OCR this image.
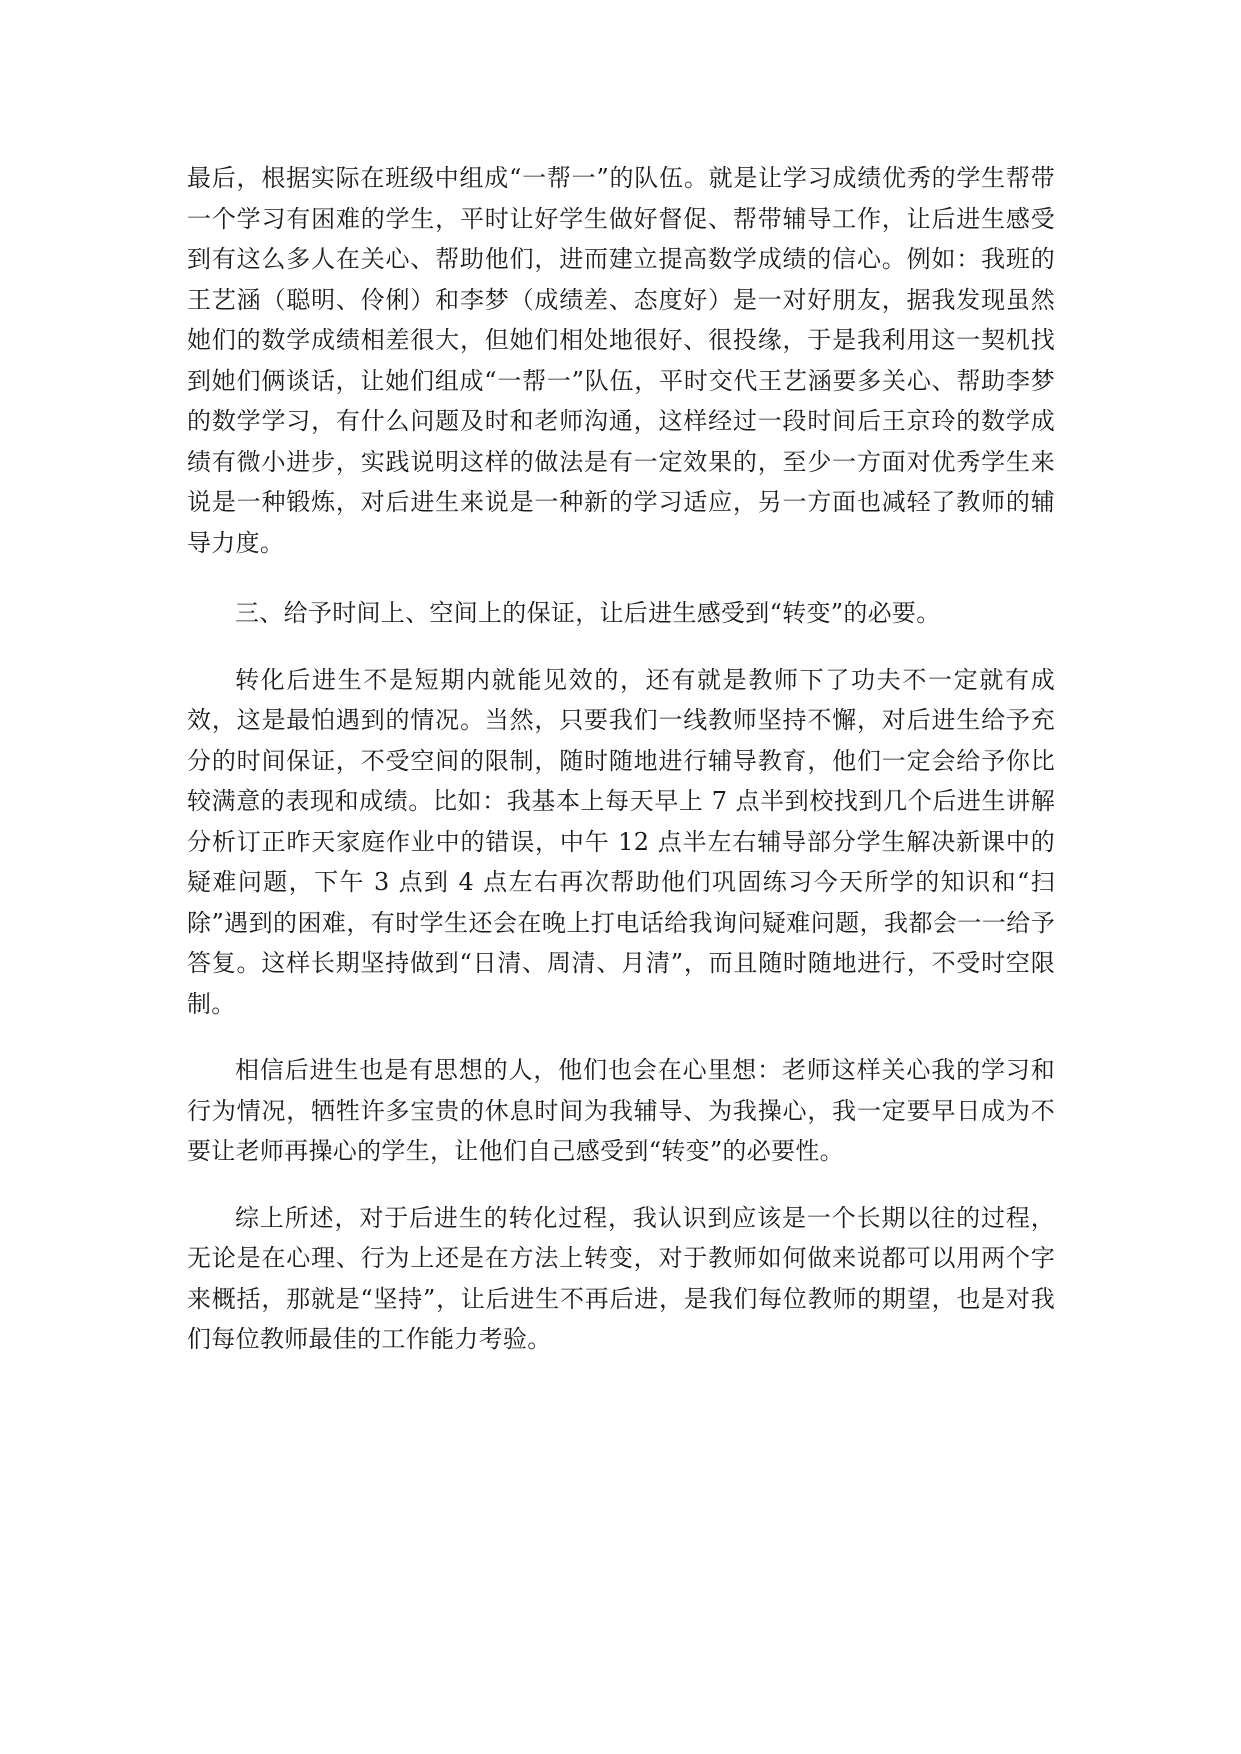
最后，根据实际在班级中组成“一帮一”的队伍。就是让学习成绩优秀的学生帮带一个学习有困难的学生，平时让好学生做好督促、帮带辅导工作，让后进生感受到有这么多人在关心、帮助他们，进而建立提高数学成绩的信心。例如：我班的王艺涵（聪明、伶俐）和李梦（成绩差、态度好）是一对好朋友，据我发现虽然她们的数学成绩相差很大，但她们相处地很好、很投缘，于是我利用这一契机找到她们俩谈话，让她们组成“一帮一”队伍，平时交代王艺涵要多关心、帮助李梦的数学学习，有什么问题及时和老师沟通，这样经过一段时间后王京玲的数学成绩有微小进步，实践说明这样的做法是有一定效果的，至少一方面对优秀学生来说是一种锻炼，对后进生来说是一种新的学习适应，另一方面也减轻了教师的辅导力度。

三、给予时间上、空间上的保证，让后进生感受到“转变”的必要。

转化后进生不是短期内就能见效的，还有就是教师下了功夫不一定就有成效，这是最怕遇到的情况。当然，只要我们一线教师坚持不懈，对后进生给予充分的时间保证，不受空间的限制，随时随地进行辅导教育，他们一定会给予你比较满意的表现和成绩。比如：我基本上每天早上 7 点半到校找到几个后进生讲解分析订正昨天家庭作业中的错误，中午 12 点半左右辅导部分学生解决新课中的疑难问题，下午 3 点到 4 点左右再次帮助他们巩固练习今天所学的知识和“扫除”遇到的困难，有时学生还会在晚上打电话给我询问疑难问题，我都会一一给予答复。这样长期坚持做到“日清、周清、月清”，而且随时随地进行，不受时空限制。

相信后进生也是有思想的人，他们也会在心里想：老师这样关心我的学习和行为情况，牺牲许多宝贵的休息时间为我辅导、为我操心，我一定要早日成为不要让老师再操心的学生，让他们自己感受到“转变”的必要性。

综上所述，对于后进生的转化过程，我认识到应该是一个长期以往的过程，无论是在心理、行为上还是在方法上转变，对于教师如何做来说都可以用两个字来概括，那就是“坚持”，让后进生不再后进，是我们每位教师的期望，也是对我们每位教师最佳的工作能力考验。
